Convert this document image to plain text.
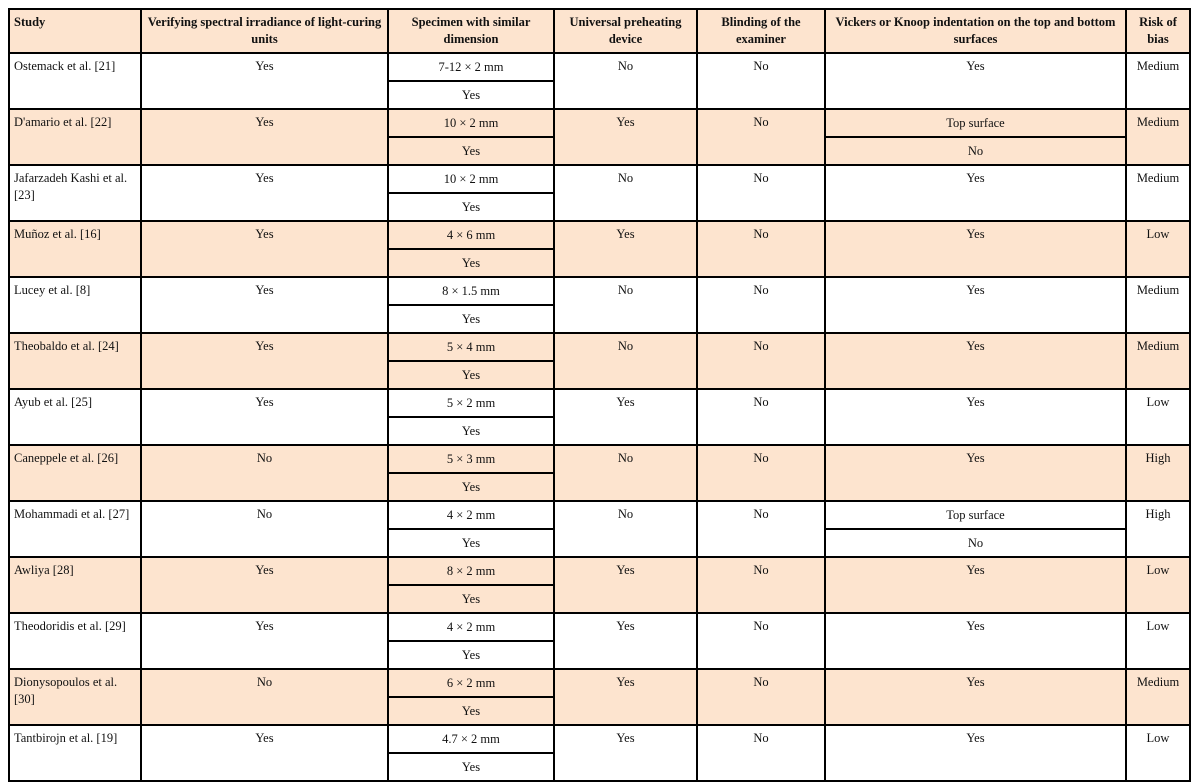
Study	Verifying spectral irradiance of light-curing units	Specimen with similar dimension	Universal preheating device	Blinding of the examiner	Vickers or Knoop indentation on the top and bottom surfaces	Risk of bias
Ostemack et al. [21]	Yes	7-12 × 2 mm	No	No	Yes	Medium
		Yes				
D'amario et al. [22]	Yes	10 × 2 mm	Yes	No	Top surface	Medium
		Yes			No	
Jafarzadeh Kashi et al. [23]	Yes	10 × 2 mm	No	No	Yes	Medium
		Yes				
Muñoz et al. [16]	Yes	4 × 6 mm	Yes	No	Yes	Low
		Yes				
Lucey et al. [8]	Yes	8 × 1.5 mm	No	No	Yes	Medium
		Yes				
Theobaldo et al. [24]	Yes	5 × 4 mm	No	No	Yes	Medium
		Yes				
Ayub et al. [25]	Yes	5 × 2 mm	Yes	No	Yes	Low
		Yes				
Caneppele et al. [26]	No	5 × 3 mm	No	No	Yes	High
		Yes				
Mohammadi et al. [27]	No	4 × 2 mm	No	No	Top surface	High
		Yes			No	
Awliya [28]	Yes	8 × 2 mm	Yes	No	Yes	Low
		Yes				
Theodoridis et al. [29]	Yes	4 × 2 mm	Yes	No	Yes	Low
		Yes				
Dionysopoulos et al. [30]	No	6 × 2 mm	Yes	No	Yes	Medium
		Yes				
Tantbirojn et al. [19]	Yes	4.7 × 2 mm	Yes	No	Yes	Low
		Yes				
